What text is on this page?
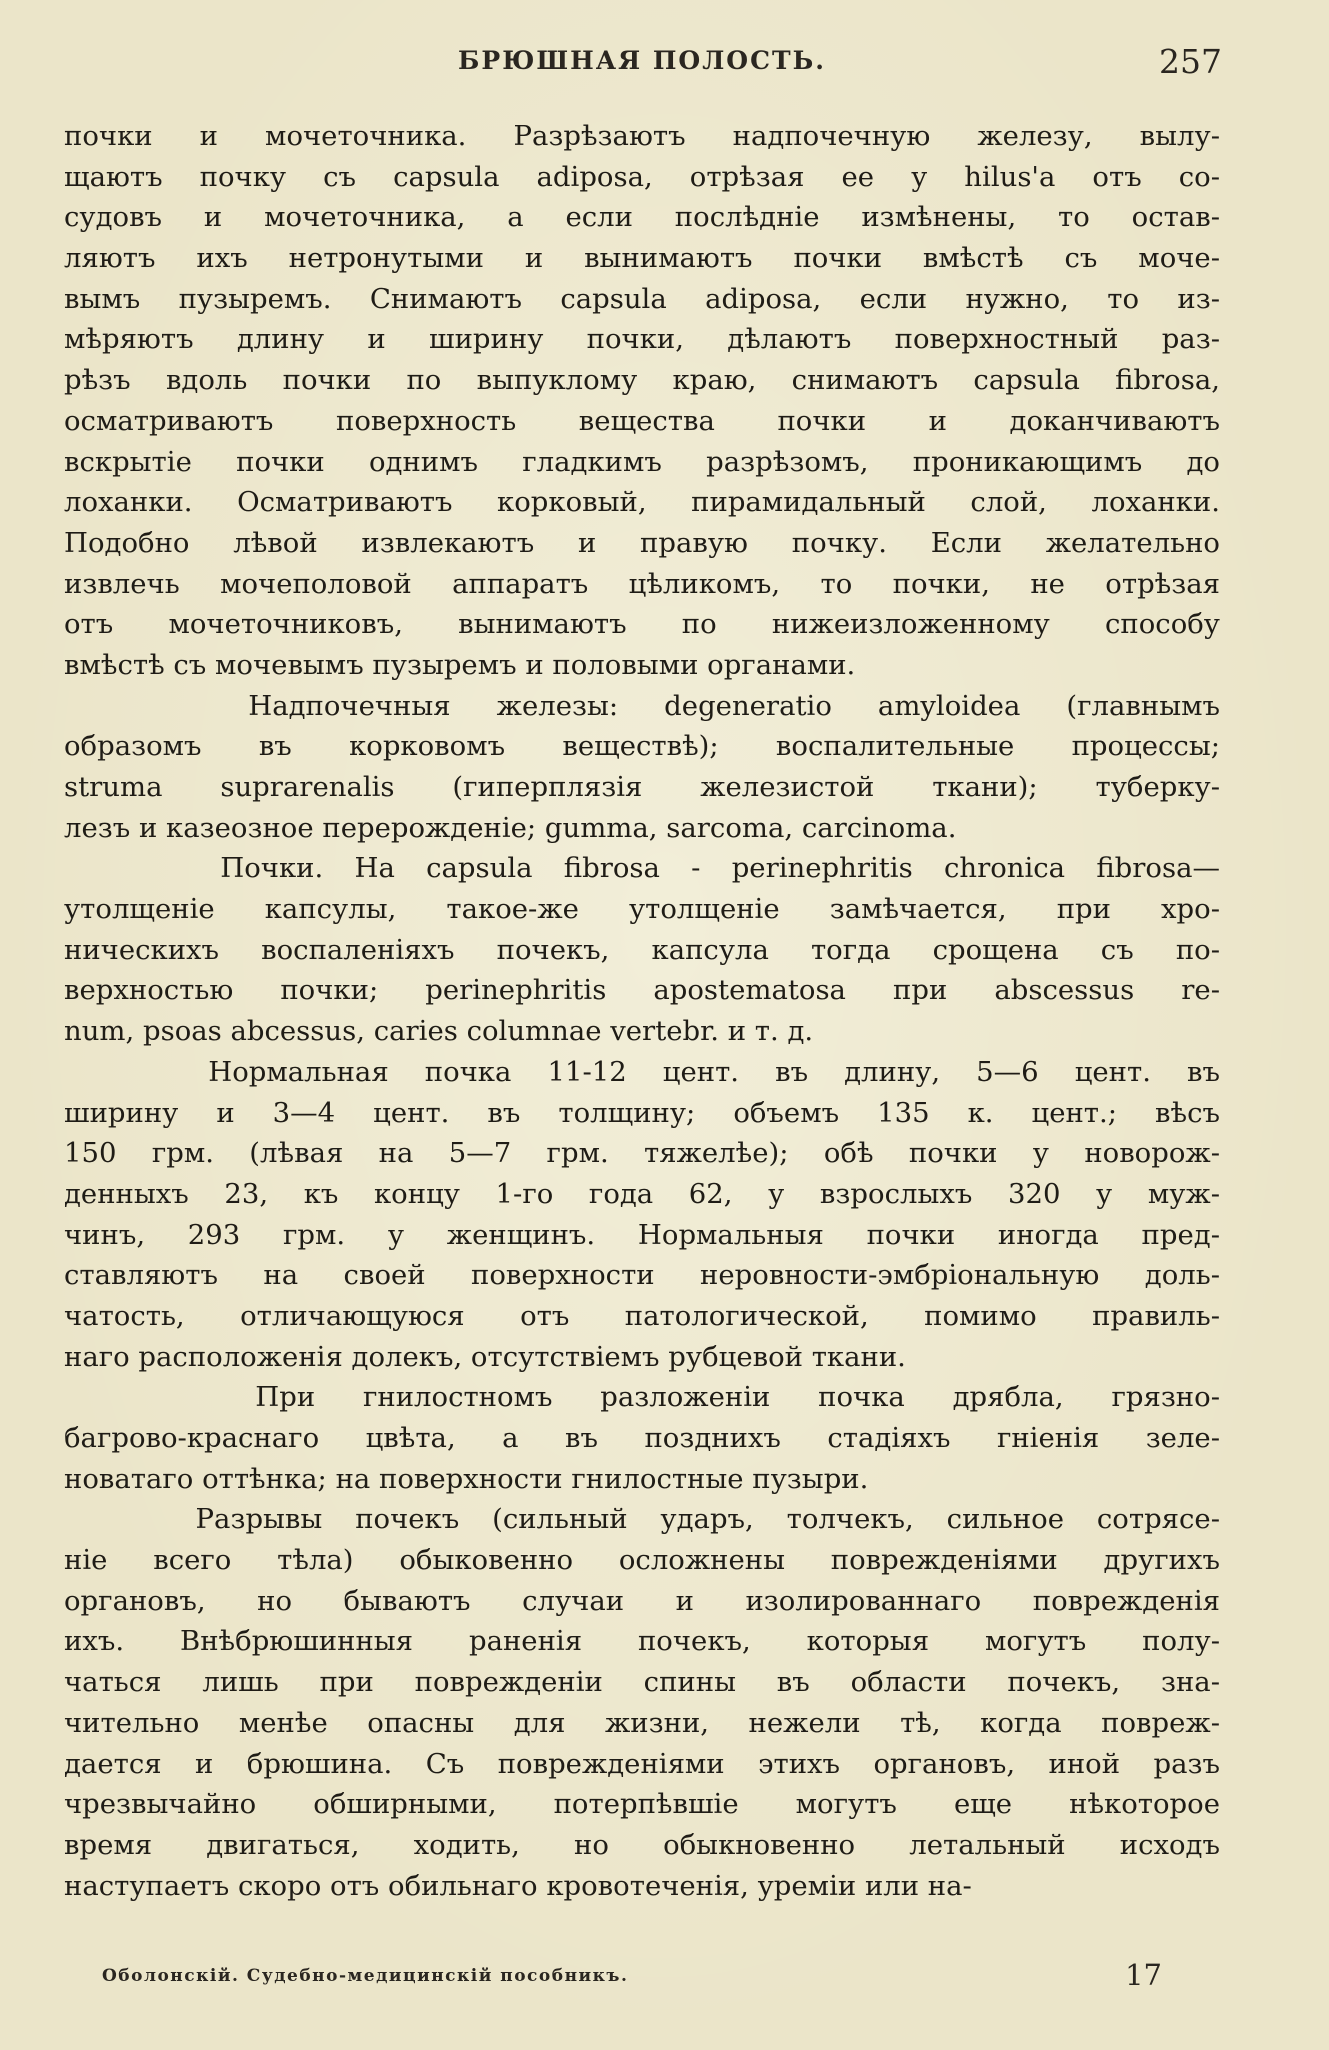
БРЮШНАЯ ПОЛОСТЬ.	257

почки и мочеточника. Разрѣзаютъ надпочечную железу, вылу-
щаютъ почку съ capsula adiposa, отрѣзая ее у hilus'a отъ со-
судовъ и мочеточника, а если послѣднiе измѣнены, то остав-
ляютъ ихъ нетронутыми и вынимаютъ почки вмѣстѣ съ моче-
вымъ пузыремъ. Снимаютъ capsula adiposa, если нужно, то из-
мѣряютъ длину и ширину почки, дѣлаютъ поверхностный раз-
рѣзъ вдоль почки по выпуклому краю, снимаютъ capsula fibrosa,
осматриваютъ поверхность вещества почки и доканчиваютъ
вскрытiе почки однимъ гладкимъ разрѣзомъ, проникающимъ до
лоханки. Осматриваютъ корковый, пирамидальный слой, лоханки.
Подобно лѣвой извлекаютъ и правую почку. Если желательно
извлечь мочеполовой аппаратъ цѣликомъ, то почки, не отрѣзая
отъ мочеточниковъ, вынимаютъ по нижеизложенному способу
вмѣстѣ съ мочевымъ пузыремъ и половыми органами.

Надпочечныя железы: degeneratio amyloidea (главнымъ
образомъ въ корковомъ веществѣ); воспалительные процессы;
struma suprarenalis (гиперплязiя железистой ткани); туберку-
лезъ и казеозное перерожденiе; gumma, sarcoma, carcinoma.

Почки. На capsula fibrosa - perinephritis chronica fibrosa—
утолщенiе капсулы, такое-же утолщенiе замѣчается, при хро-
ническихъ воспаленiяхъ почекъ, капсула тогда срощена съ по-
верхностью почки; perinephritis apostematosa при abscessus re-
num, psoas abcessus, caries columnae vertebr. и т. д.

Нормальная почка 11-12 цент. въ длину, 5—6 цент. въ
ширину и 3—4 цент. въ толщину; объемъ 135 к. цент.; вѣсъ
150 грм. (лѣвая на 5—7 грм. тяжелѣе); обѣ почки у новорож-
денныхъ 23, къ концу 1-го года 62, у взрослыхъ 320 у муж-
чинъ, 293 грм. у женщинъ. Нормальныя почки иногда пред-
ставляютъ на своей поверхности неровности-эмбрiональную доль-
чатость, отличающуюся отъ патологической, помимо правиль-
наго расположенiя долекъ, отсутствiемъ рубцевой ткани.

При гнилостномъ разложенiи почка дрябла, грязно-
багрово-краснаго цвѣта, а въ позднихъ стадiяхъ гнiенiя зеле-
новатаго оттѣнка; на поверхности гнилостные пузыри.

Разрывы почекъ (сильный ударъ, толчекъ, сильное сотрясе-
нiе всего тѣла) обыковенно осложнены поврежденiями другихъ
органовъ, но бываютъ случаи и изолированнаго поврежденiя
ихъ. Внѣбрюшинныя раненiя почекъ, которыя могутъ полу-
чаться лишь при поврежденiи спины въ области почекъ, зна-
чительно менѣе опасны для жизни, нежели тѣ, когда повреж-
дается и брюшина. Съ поврежденiями этихъ органовъ, иной разъ
чрезвычайно обширными, потерпѣвшiе могутъ еще нѣкоторое
время двигаться, ходить, но обыкновенно летальный исходъ
наступаетъ скоро отъ обильнаго кровотеченiя, уремiи или на-

Оболонскiй. Судебно-медицинскiй пособникъ.	17
